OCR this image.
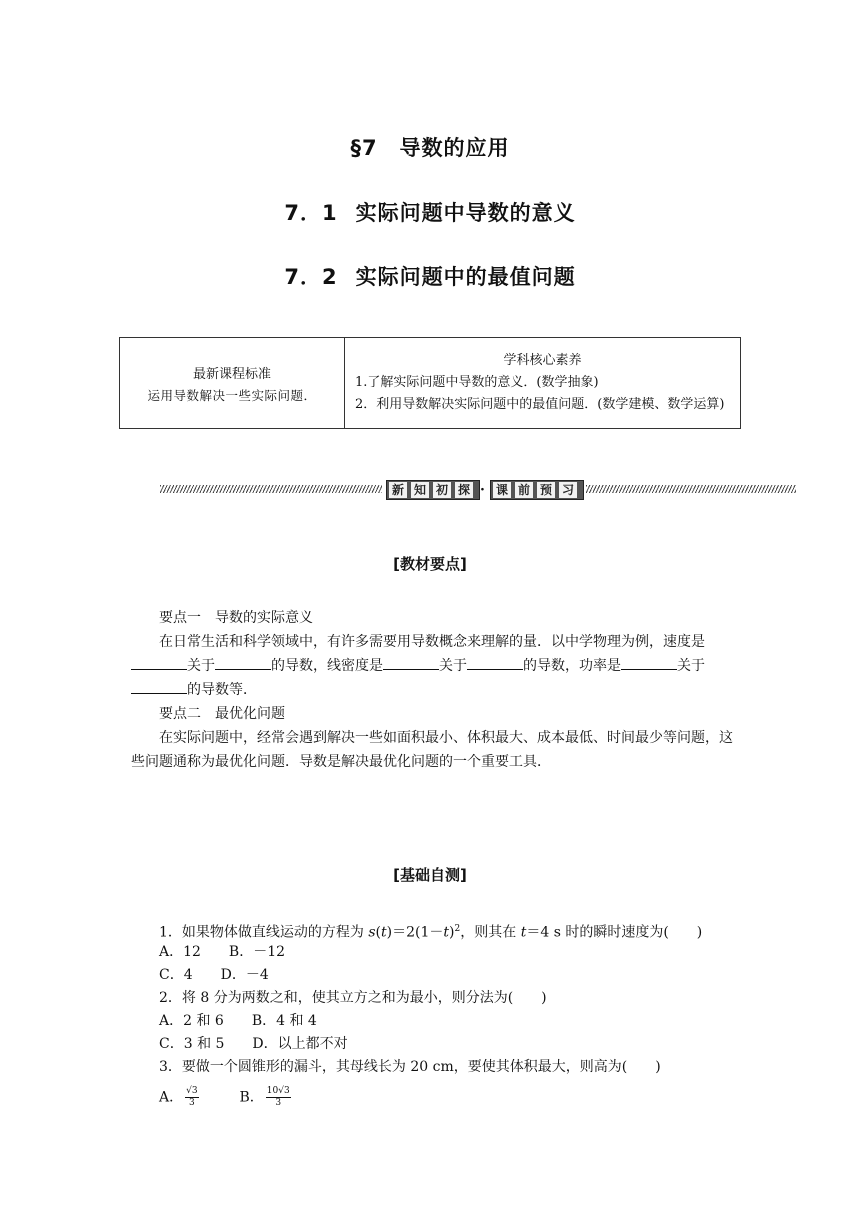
§7　导数的应用
7．1 实际问题中导数的意义
7．2 实际问题中的最值问题
最新课程标准
运用导数解决一些实际问题．

学科核心素养
1.了解实际问题中导数的意义．(数学抽象)
2．利用导数解决实际问题中的最值问题．(数学建模、数学运算)
新 知 初 探 · 课 前 预 习
[教材要点]
要点一　导数的实际意义
在日常生活和科学领域中，有许多需要用导数概念来理解的量．以中学物理为例，速度是关于	的导数，线密度是	关于	的导数，功率是	关于的导数等．
要点二　最优化问题
在实际问题中，经常会遇到解决一些如面积最小、体积最大、成本最低、时间最少等问题，这些问题通称为最优化问题．导数是解决最优化问题的一个重要工具．
[基础自测]
1．如果物体做直线运动的方程为 $s(t)=2(1-t)^2$，则其在 t＝4 s 时的瞬时速度为(　　)
A．12　　B．－12
C．4　　D．－4
2．将 8 分为两数之和，使其立方之和为最小，则分法为(　　)
A．2 和 6　　B．4 和 4
C．3 和 5　　D．以上都不对
3．要做一个圆锥形的漏斗，其母线长为 20 cm，要使其体积最大，则高为(　　)
A． $\frac{√3}{3}$	B． $\frac{10√3}{3}$
